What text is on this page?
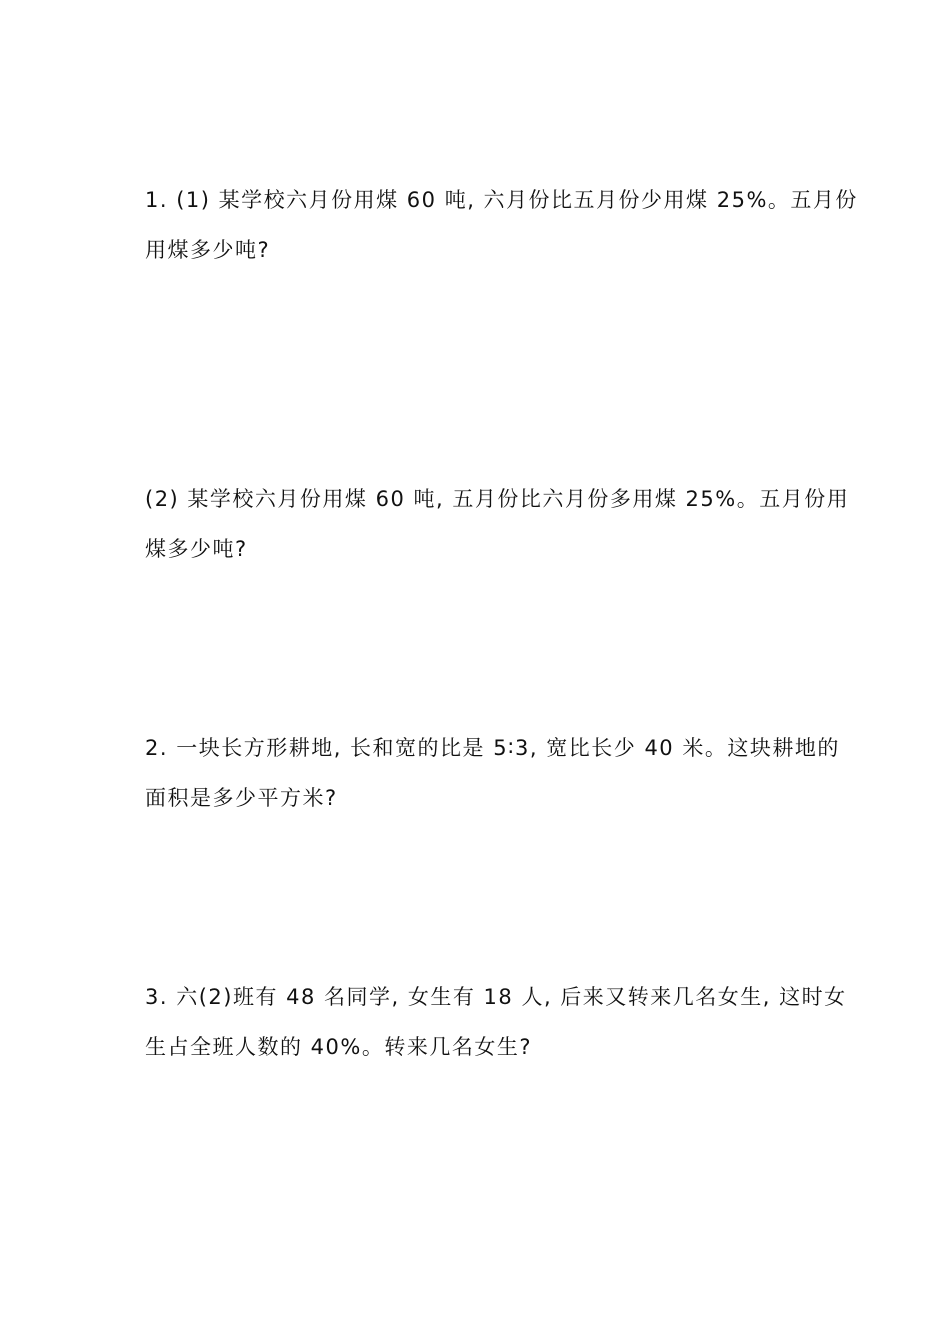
1. (1) 某学校六月份用煤 60 吨, 六月份比五月份少用煤 25%。五月份

用煤多少吨?

(2) 某学校六月份用煤 60 吨, 五月份比六月份多用煤 25%。五月份用

煤多少吨?

2. 一块长方形耕地, 长和宽的比是 5∶3, 宽比长少 40 米。这块耕地的

面积是多少平方米?

3. 六(2)班有 48 名同学, 女生有 18 人, 后来又转来几名女生, 这时女

生占全班人数的 40%。转来几名女生?
